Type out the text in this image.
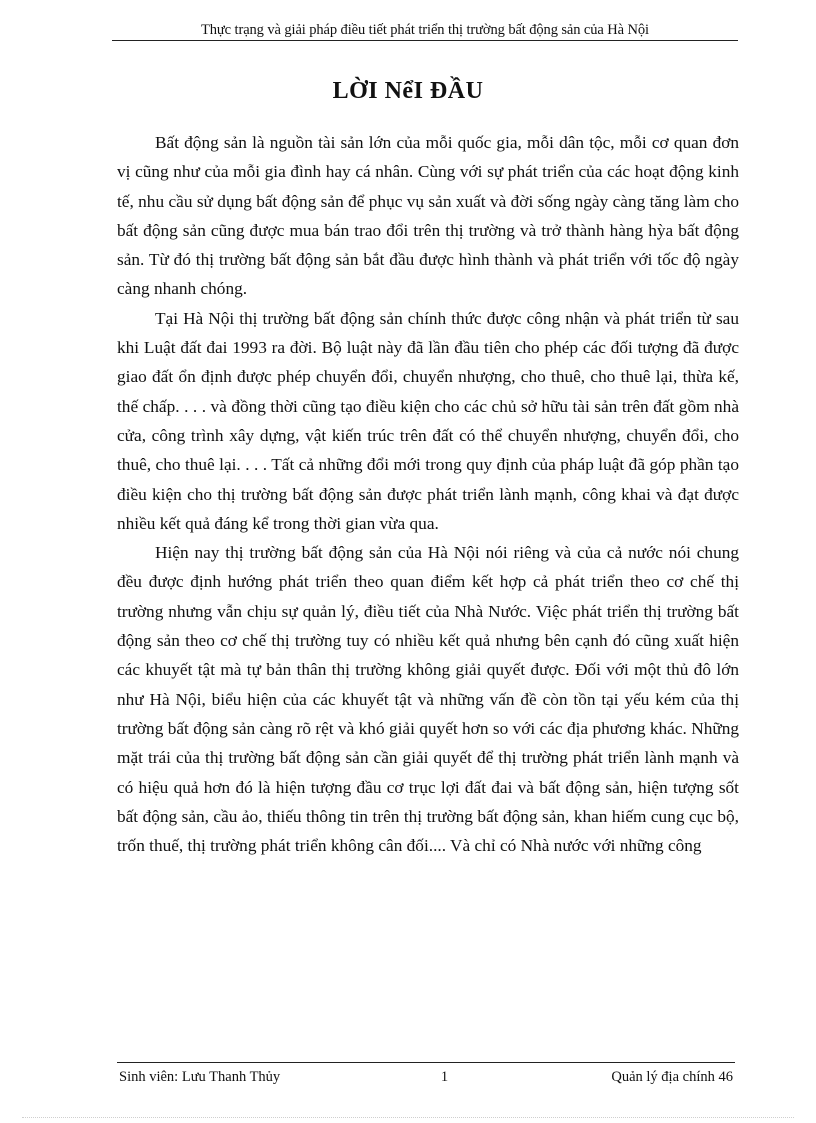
Thực trạng và giải pháp điều tiết phát triển thị trường bất động sản của Hà Nội
LỜI NểI ĐẦU

Bất động sản là nguồn tài sản lớn của mỗi quốc gia, mỗi dân tộc, mỗi cơ quan đơn vị cũng như của mỗi gia đình hay cá nhân. Cùng với sự phát triển của các hoạt động kinh tế, nhu cầu sử dụng bất động sản để phục vụ sản xuất và đời sống ngày càng tăng làm cho bất động sản cũng được mua bán trao đổi trên thị trường và trở thành hàng hỳa bất động sản. Từ đó thị trường bất động sản bắt đầu được hình thành và phát triển với tốc độ ngày càng nhanh chóng.

Tại Hà Nội thị trường bất động sản chính thức được công nhận và phát triển từ sau khi Luật đất đai 1993 ra đời. Bộ luật này đã lần đầu tiên cho phép các đối tượng đã được giao đất ổn định được phép chuyển đổi, chuyển nhượng, cho thuê, cho thuê lại, thừa kế, thế chấp. . . . và đồng thời cũng tạo điều kiện cho các chủ sở hữu tài sản trên đất gồm nhà cửa, công trình xây dựng, vật kiến trúc trên đất có thể chuyển nhượng, chuyển đổi, cho thuê, cho thuê lại. . . . Tất cả những đổi mới trong quy định của pháp luật đã góp phần tạo điều kiện cho thị trường bất động sản được phát triển lành mạnh, công khai và đạt được nhiều kết quả đáng kể trong thời gian vừa qua.

Hiện nay thị trường bất động sản của Hà Nội nói riêng và của cả nước nói chung đều được định hướng phát triển theo quan điểm kết hợp cả phát triển theo cơ chế thị trường nhưng vẫn chịu sự quản lý, điều tiết của Nhà Nước. Việc phát triển thị trường bất động sản theo cơ chế thị trường tuy có nhiều kết quả nhưng bên cạnh đó cũng xuất hiện các khuyết tật mà tự bản thân thị trường không giải quyết được. Đối với một thủ đô lớn như Hà Nội, biểu hiện của các khuyết tật và những vấn đề còn tồn tại yếu kém của thị trường bất động sản càng rõ rệt và khó giải quyết hơn so với các địa phương khác. Những mặt trái của thị trường bất động sản cần giải quyết để thị trường phát triển lành mạnh và có hiệu quả hơn đó là hiện tượng đầu cơ trục lợi đất đai và bất động sản, hiện tượng sốt bất động sản, cầu ảo, thiếu thông tin trên thị trường bất động sản, khan hiếm cung cục bộ, trốn thuế, thị trường phát triển không cân đối.... Và chỉ có Nhà nước với những công

Sinh viên: Lưu Thanh Thủy	1	Quản lý địa chính 46
